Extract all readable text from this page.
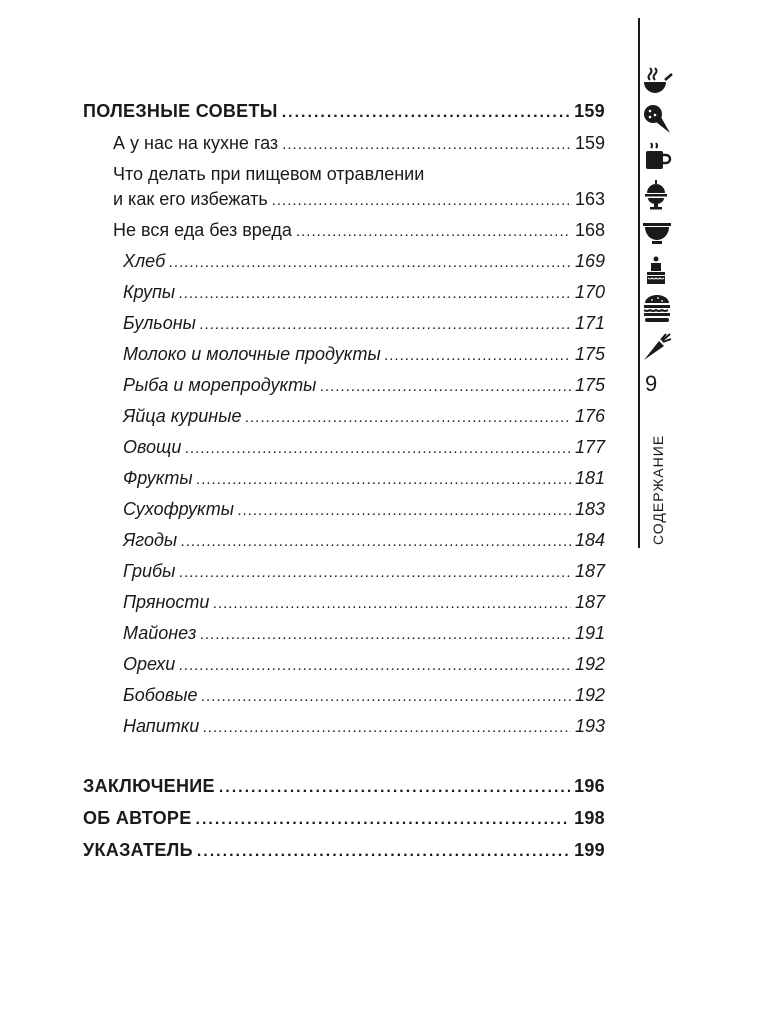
ПОЛЕЗНЫЕ СОВЕТЫ .....	159
А у нас на кухне газ .....	159
Что делать при пищевом отравлении
и как его избежать .....	163
Не вся еда без вреда .....	168
Хлеб .....	169
Крупы .....	170
Бульоны .....	171
Молоко и молочные продукты .....	175
Рыба и морепродукты .....	175
Яйца куриные .....	176
Овощи .....	177
Фрукты .....	181
Сухофрукты .....	183
Ягоды .....	184
Грибы .....	187
Пряности .....	187
Майонез .....	191
Орехи .....	192
Бобовые .....	192
Напитки .....	193
ЗАКЛЮЧЕНИЕ .....	196
ОБ АВТОРЕ .....	198
УКАЗАТЕЛЬ .....	199
9
СОДЕРЖАНИЕ
